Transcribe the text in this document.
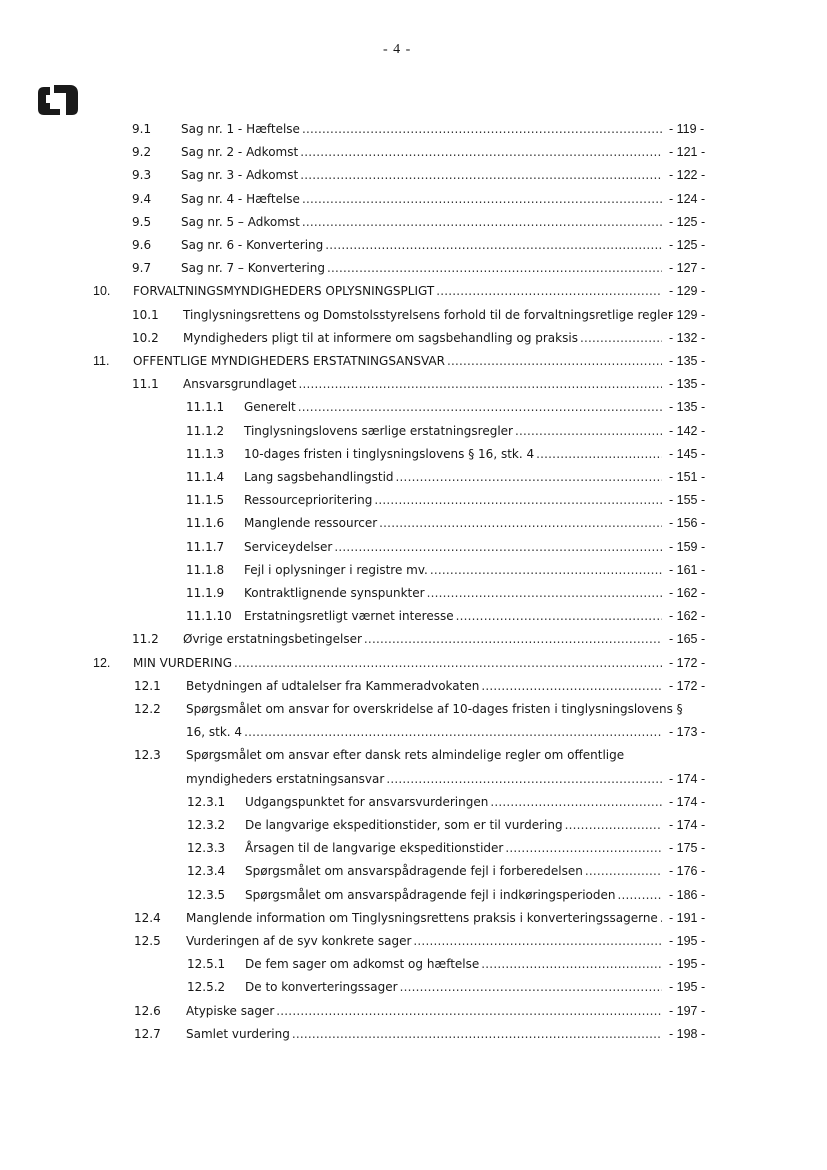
- 4 -
9.1 Sag nr. 1 - Hæftelse .....	- 119 -
9.2 Sag nr. 2 - Adkomst .....	- 121 -
9.3 Sag nr. 3 - Adkomst .....	- 122 -
9.4 Sag nr. 4 - Hæftelse .....	- 124 -
9.5 Sag nr. 5 – Adkomst .....	- 125 -
9.6 Sag nr. 6 - Konvertering .....	- 125 -
9.7 Sag nr. 7 – Konvertering .....	- 127 -
10. FORVALTNINGSMYNDIGHEDERS OPLYSNINGSPLIGT .....	- 129 -
10.1 Tinglysningsrettens og Domstolsstyrelsens forhold til de forvaltningsretlige regler
- 129 -
10.2 Myndigheders pligt til at informere om sagsbehandling og praksis .....	- 132 -
11. OFFENTLIGE MYNDIGHEDERS ERSTATNINGSANSVAR .....	- 135 -
11.1 Ansvarsgrundlaget .....	- 135 -
11.1.1 Generelt .....	- 135 -
11.1.2 Tinglysningslovens særlige erstatningsregler .....	- 142 -
11.1.3 10-dages fristen i tinglysningslovens § 16, stk. 4 .....	- 145 -
11.1.4 Lang sagsbehandlingstid .....	- 151 -
11.1.5 Ressourceprioritering .....	- 155 -
11.1.6 Manglende ressourcer .....	- 156 -
11.1.7 Serviceydelser .....	- 159 -
11.1.8 Fejl i oplysninger i registre mv. .....	- 161 -
11.1.9 Kontraktlignende synspunkter .....	- 162 -
11.1.10 Erstatningsretligt værnet interesse .....	- 162 -
11.2 Øvrige erstatningsbetingelser .....	- 165 -
12. MIN VURDERING .....	- 172 -
12.1 Betydningen af udtalelser fra Kammeradvokaten .....	- 172 -
12.2 Spørgsmålet om ansvar for overskridelse af 10-dages fristen i tinglysningslovens §
16, stk. 4 .....	- 173 -
12.3 Spørgsmålet om ansvar efter dansk rets almindelige regler om offentlige
myndigheders erstatningsansvar .....	- 174 -
12.3.1 Udgangspunktet for ansvarsvurderingen .....	- 174 -
12.3.2 De langvarige ekspeditionstider, som er til vurdering .....	- 174 -
12.3.3 Årsagen til de langvarige ekspeditionstider .....	- 175 -
12.3.4 Spørgsmålet om ansvarspådragende fejl i forberedelsen .....	- 176 -
12.3.5 Spørgsmålet om ansvarspådragende fejl i indkøringsperioden .....	- 186 -
12.4 Manglende information om Tinglysningsrettens praksis i konverteringssagerne ..... - 191 -
12.5 Vurderingen af de syv konkrete sager .....	- 195 -
12.5.1 De fem sager om adkomst og hæftelse .....	- 195 -
12.5.2 De to konverteringssager .....	- 195 -
12.6 Atypiske sager .....	- 197 -
12.7 Samlet vurdering .....	- 198 -
